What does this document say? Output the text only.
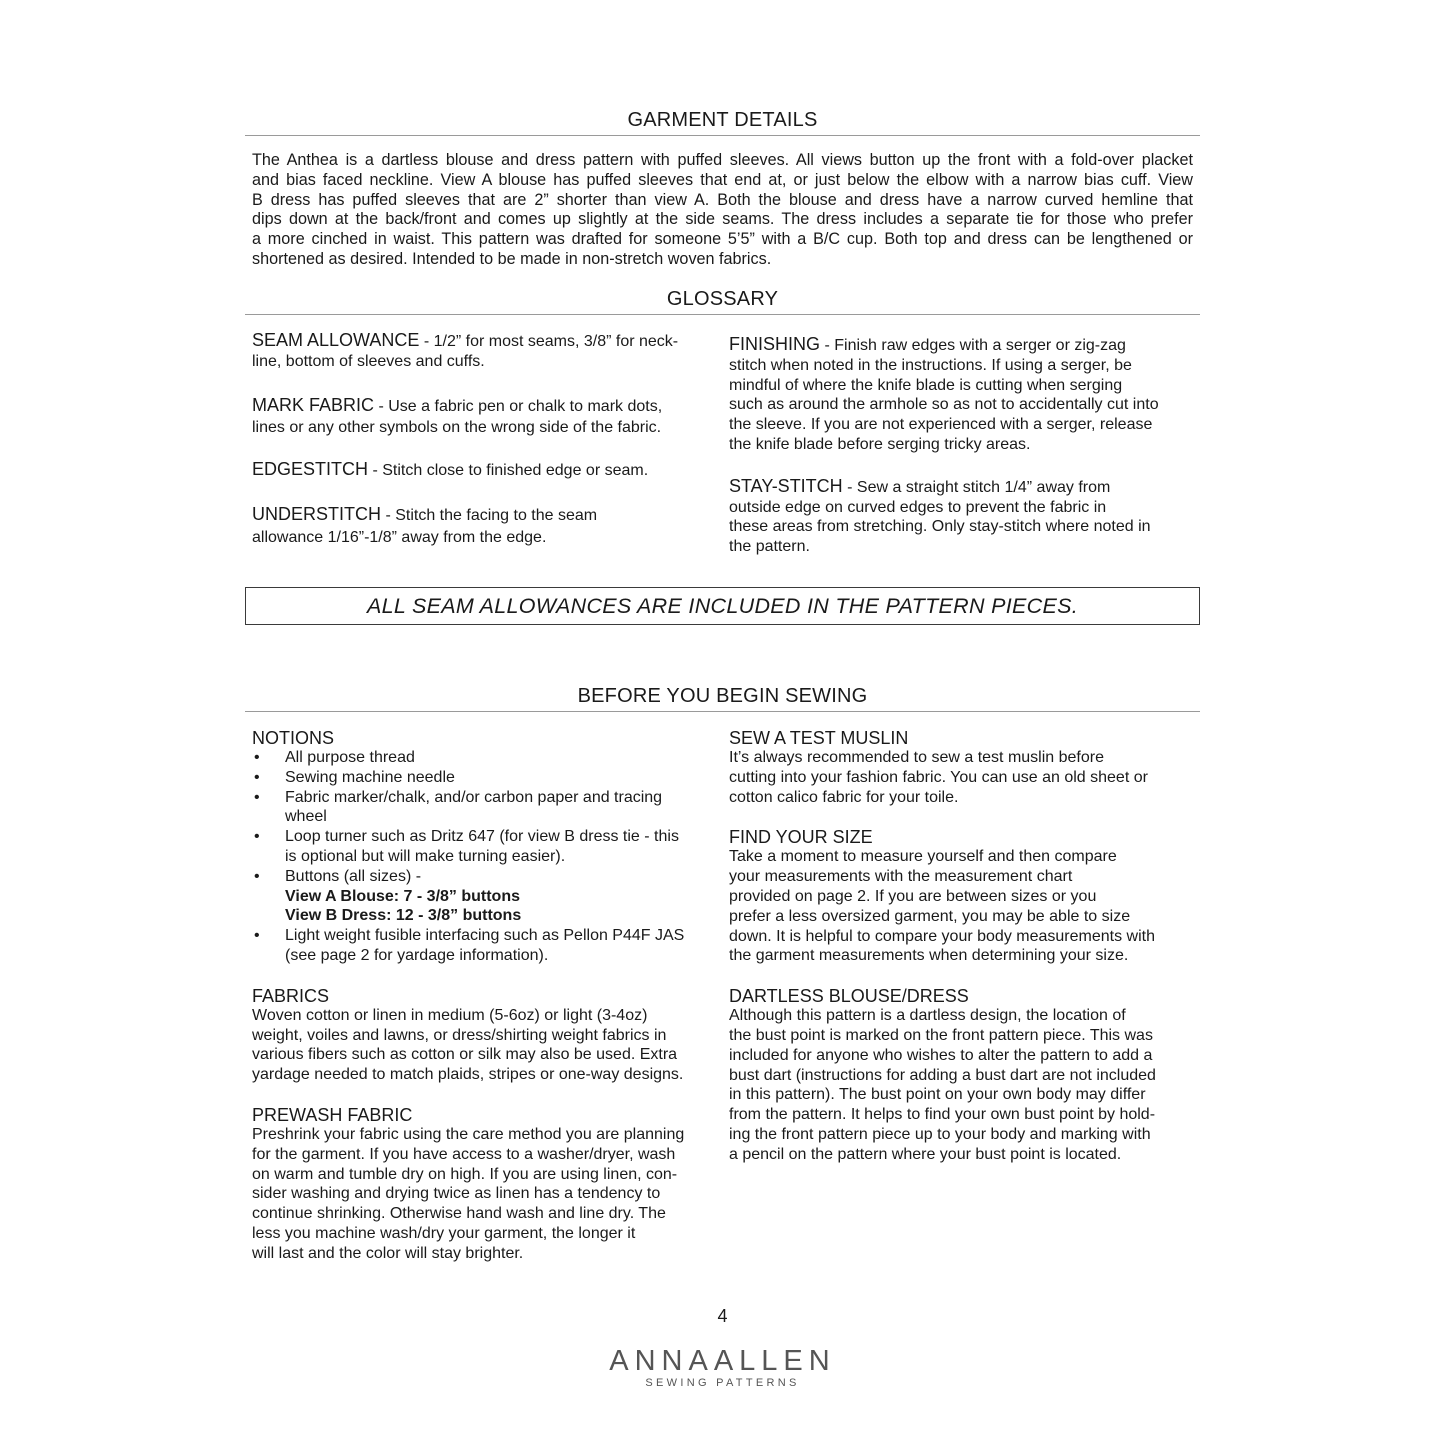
GARMENT DETAILS
The Anthea is a dartless blouse and dress pattern with puffed sleeves. All views button up the front with a fold-over placket
and bias faced neckline. View A blouse has puffed sleeves that end at, or just below the elbow with a narrow bias cuff. View
B dress has puffed sleeves that are 2” shorter than view A. Both the blouse and dress have a narrow curved hemline that
dips down at the back/front and comes up slightly at the side seams. The dress includes a separate tie for those who prefer
a more cinched in waist. This pattern was drafted for someone 5’5” with a B/C cup. Both top and dress can be lengthened or
shortened as desired. Intended to be made in non-stretch woven fabrics.
GLOSSARY
SEAM ALLOWANCE - 1/2” for most seams, 3/8” for neck-
line, bottom of sleeves and cuffs.
MARK FABRIC - Use a fabric pen or chalk to mark dots,
lines or any other symbols on the wrong side of the fabric.
EDGESTITCH - Stitch close to finished edge or seam.
UNDERSTITCH - Stitch the facing to the seam
allowance 1/16”-1/8” away from the edge.
FINISHING - Finish raw edges with a serger or zig-zag
stitch when noted in the instructions. If using a serger, be
mindful of where the knife blade is cutting when serging
such as around the armhole so as not to accidentally cut into
the sleeve. If you are not experienced with a serger, release
the knife blade before serging tricky areas.
STAY-STITCH - Sew a straight stitch 1/4” away from
outside edge on curved edges to prevent the fabric in
these areas from stretching. Only stay-stitch where noted in
the pattern.
ALL SEAM ALLOWANCES ARE INCLUDED IN THE PATTERN PIECES.
BEFORE YOU BEGIN SEWING
NOTIONS
• All purpose thread
• Sewing machine needle
• Fabric marker/chalk, and/or carbon paper and tracing
wheel
• Loop turner such as Dritz 647 (for view B dress tie - this
is optional but will make turning easier).
• Buttons (all sizes) -
View A Blouse: 7 - 3/8” buttons
View B Dress: 12 - 3/8” buttons
• Light weight fusible interfacing such as Pellon P44F JAS
(see page 2 for yardage information).
FABRICS
Woven cotton or linen in medium (5-6oz) or light (3-4oz)
weight, voiles and lawns, or dress/shirting weight fabrics in
various fibers such as cotton or silk may also be used. Extra
yardage needed to match plaids, stripes or one-way designs.
PREWASH FABRIC
Preshrink your fabric using the care method you are planning
for the garment. If you have access to a washer/dryer, wash
on warm and tumble dry on high. If you are using linen, con-
sider washing and drying twice as linen has a tendency to
continue shrinking. Otherwise hand wash and line dry. The
less you machine wash/dry your garment, the longer it
will last and the color will stay brighter.
SEW A TEST MUSLIN
It’s always recommended to sew a test muslin before
cutting into your fashion fabric. You can use an old sheet or
cotton calico fabric for your toile.
FIND YOUR SIZE
Take a moment to measure yourself and then compare
your measurements with the measurement chart
provided on page 2. If you are between sizes or you
prefer a less oversized garment, you may be able to size
down. It is helpful to compare your body measurements with
the garment measurements when determining your size.
DARTLESS BLOUSE/DRESS
Although this pattern is a dartless design, the location of
the bust point is marked on the front pattern piece. This was
included for anyone who wishes to alter the pattern to add a
bust dart (instructions for adding a bust dart are not included
in this pattern). The bust point on your own body may differ
from the pattern. It helps to find your own bust point by hold-
ing the front pattern piece up to your body and marking with
a pencil on the pattern where your bust point is located.
4
ANNAALLEN
SEWING PATTERNS
